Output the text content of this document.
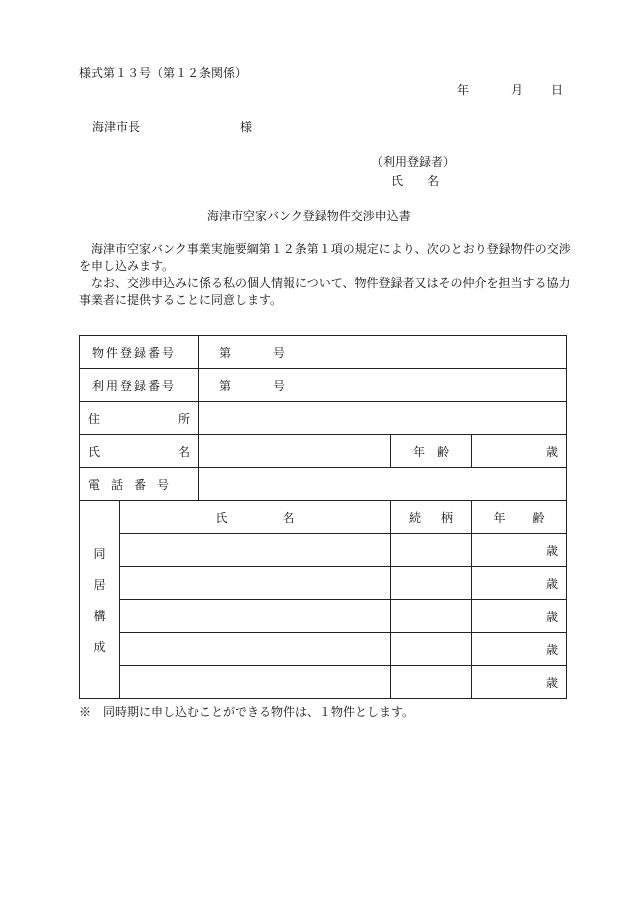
様式第１３号（第１２条関係）
年	月 日
海津市長	様
（利用登録者）
氏　　名
海津市空家バンク登録物件交渉申込書

海津市空家バンク事業実施要綱第１２条第１項の規定により、次のとおり登録物件の交渉を申し込みます。

なお、交渉申込みに係る私の個人情報について、物件登録者又はその仲介を担当する協力事業者に提供することに同意します。

物件登録番号		第 号		
利用登録番号		第 号		

住 所				

氏 名			年　齢	歳
電話番号				

同
居
構
成	氏 名		続 柄	年 齢

				歳
				歳
				歳
				歳
				歳
※　同時期に申し込むことができる物件は、１物件とします。
